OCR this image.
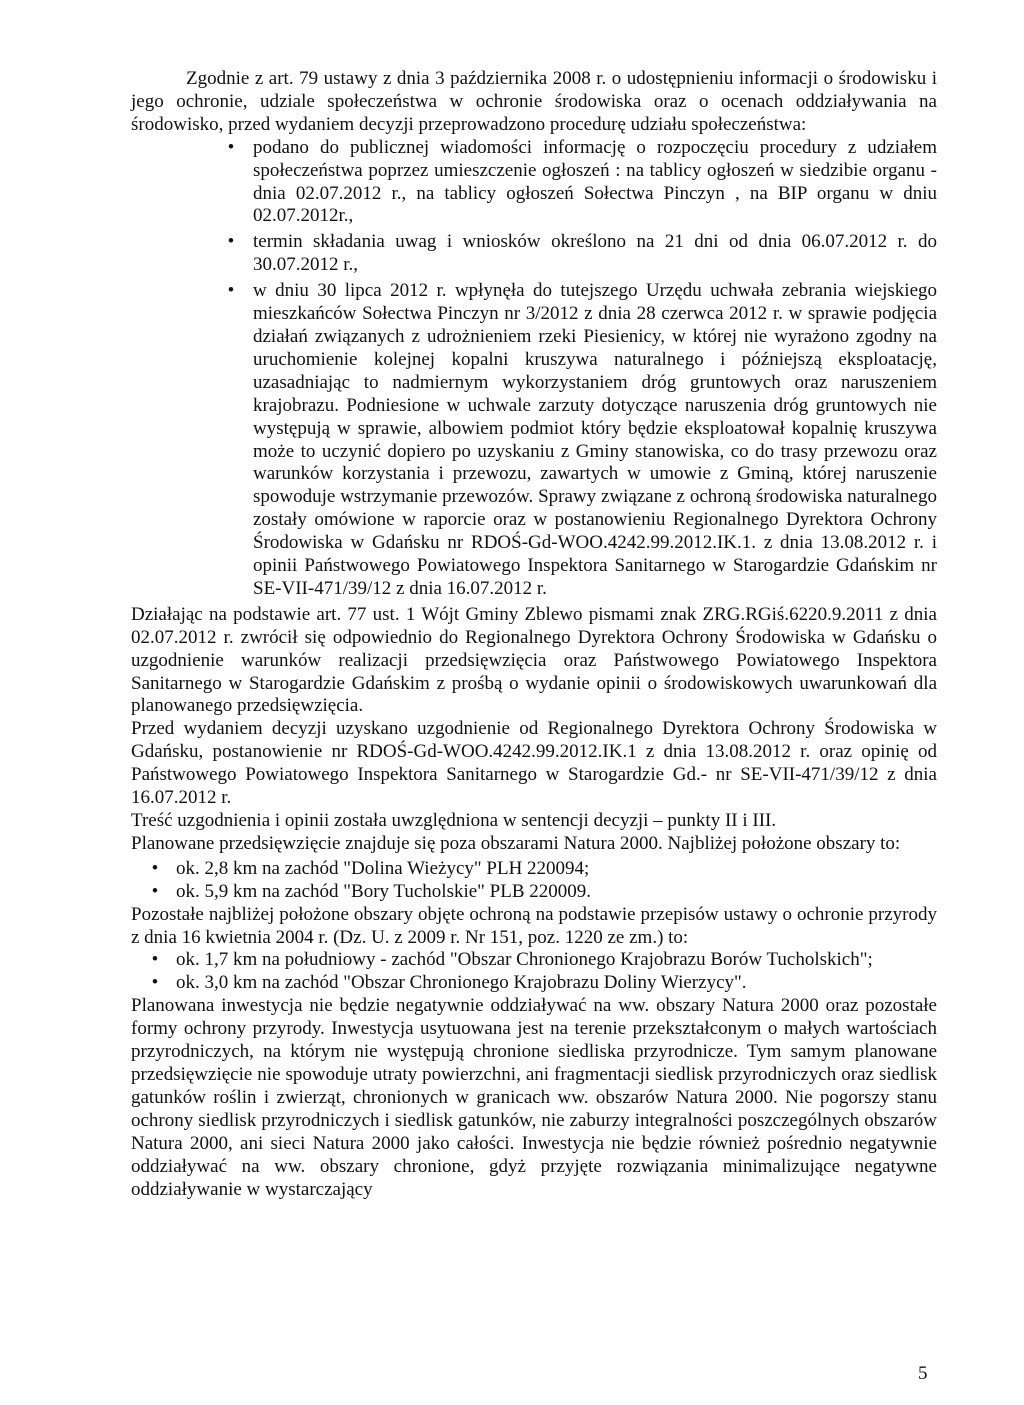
Zgodnie z art. 79 ustawy z dnia 3 października 2008 r. o udostępnieniu informacji o środowisku i jego ochronie, udziale społeczeństwa w ochronie środowiska oraz o ocenach oddziaływania na środowisko, przed wydaniem decyzji przeprowadzono procedurę udziału społeczeństwa:

• podano do publicznej wiadomości informację o rozpoczęciu procedury z udziałem społeczeństwa poprzez umieszczenie ogłoszeń : na tablicy ogłoszeń w siedzibie organu - dnia 02.07.2012 r., na tablicy ogłoszeń Sołectwa Pinczyn , na BIP organu w dniu 02.07.2012r.,
• termin składania uwag i wniosków określono na 21 dni od dnia 06.07.2012 r. do 30.07.2012 r.,
• w dniu 30 lipca 2012 r. wpłynęła do tutejszego Urzędu uchwała zebrania wiejskiego mieszkańców Sołectwa Pinczyn nr 3/2012 z dnia 28 czerwca 2012 r. w sprawie podjęcia działań związanych z udrożnieniem rzeki Piesienicy, w której nie wyrażono zgodny na uruchomienie kolejnej kopalni kruszywa naturalnego i późniejszą eksploatację, uzasadniając to nadmiernym wykorzystaniem dróg gruntowych oraz naruszeniem krajobrazu. Podniesione w uchwale zarzuty dotyczące naruszenia dróg gruntowych nie występują w sprawie, albowiem podmiot który będzie eksploatował kopalnię kruszywa może to uczynić dopiero po uzyskaniu z Gminy stanowiska, co do trasy przewozu oraz warunków korzystania i przewozu, zawartych w umowie z Gminą, której naruszenie spowoduje wstrzymanie przewozów. Sprawy związane z ochroną środowiska naturalnego zostały omówione w raporcie oraz w postanowieniu Regionalnego Dyrektora Ochrony Środowiska w Gdańsku nr RDOŚ-Gd-WOO.4242.99.2012.IK.1. z dnia 13.08.2012 r. i opinii Państwowego Powiatowego Inspektora Sanitarnego w Starogardzie Gdańskim nr SE-VII-471/39/12 z dnia 16.07.2012 r.

Działając na podstawie art. 77 ust. 1 Wójt Gminy Zblewo pismami znak ZRG.RGiś.6220.9.2011 z dnia 02.07.2012 r. zwrócił się odpowiednio do Regionalnego Dyrektora Ochrony Środowiska w Gdańsku o uzgodnienie warunków realizacji przedsięwzięcia oraz Państwowego Powiatowego Inspektora Sanitarnego w Starogardzie Gdańskim z prośbą o wydanie opinii o środowiskowych uwarunkowań dla planowanego przedsięwzięcia.

Przed wydaniem decyzji uzyskano uzgodnienie od Regionalnego Dyrektora Ochrony Środowiska w Gdańsku, postanowienie nr RDOŚ-Gd-WOO.4242.99.2012.IK.1 z dnia 13.08.2012 r. oraz opinię od Państwowego Powiatowego Inspektora Sanitarnego w Starogardzie Gd.- nr SE-VII-471/39/12 z dnia 16.07.2012 r.

Treść uzgodnienia i opinii została uwzględniona w sentencji decyzji – punkty II i III.

Planowane przedsięwzięcie znajduje się poza obszarami Natura 2000. Najbliżej położone obszary to:

• ok. 2,8 km na zachód "Dolina Wieżycy" PLH 220094;
• ok. 5,9 km na zachód "Bory Tucholskie" PLB 220009.

Pozostałe najbliżej położone obszary objęte ochroną na podstawie przepisów ustawy o ochronie przyrody z dnia 16 kwietnia 2004 r. (Dz. U. z 2009 r. Nr 151, poz. 1220 ze zm.) to:

• ok. 1,7 km na południowy - zachód "Obszar Chronionego Krajobrazu Borów Tucholskich";
• ok. 3,0 km na zachód "Obszar Chronionego Krajobrazu Doliny Wierzycy".

Planowana inwestycja nie będzie negatywnie oddziaływać na ww. obszary Natura 2000 oraz pozostałe formy ochrony przyrody. Inwestycja usytuowana jest na terenie przekształconym o małych wartościach przyrodniczych, na którym nie występują chronione siedliska przyrodnicze. Tym samym planowane przedsięwzięcie nie spowoduje utraty powierzchni, ani fragmentacji siedlisk przyrodniczych oraz siedlisk gatunków roślin i zwierząt, chronionych w granicach ww. obszarów Natura 2000. Nie pogorszy stanu ochrony siedlisk przyrodniczych i siedlisk gatunków, nie zaburzy integralności poszczególnych obszarów Natura 2000, ani sieci Natura 2000 jako całości. Inwestycja nie będzie również pośrednio negatywnie oddziaływać na ww. obszary chronione, gdyż przyjęte rozwiązania minimalizujące negatywne oddziaływanie w wystarczający

5
